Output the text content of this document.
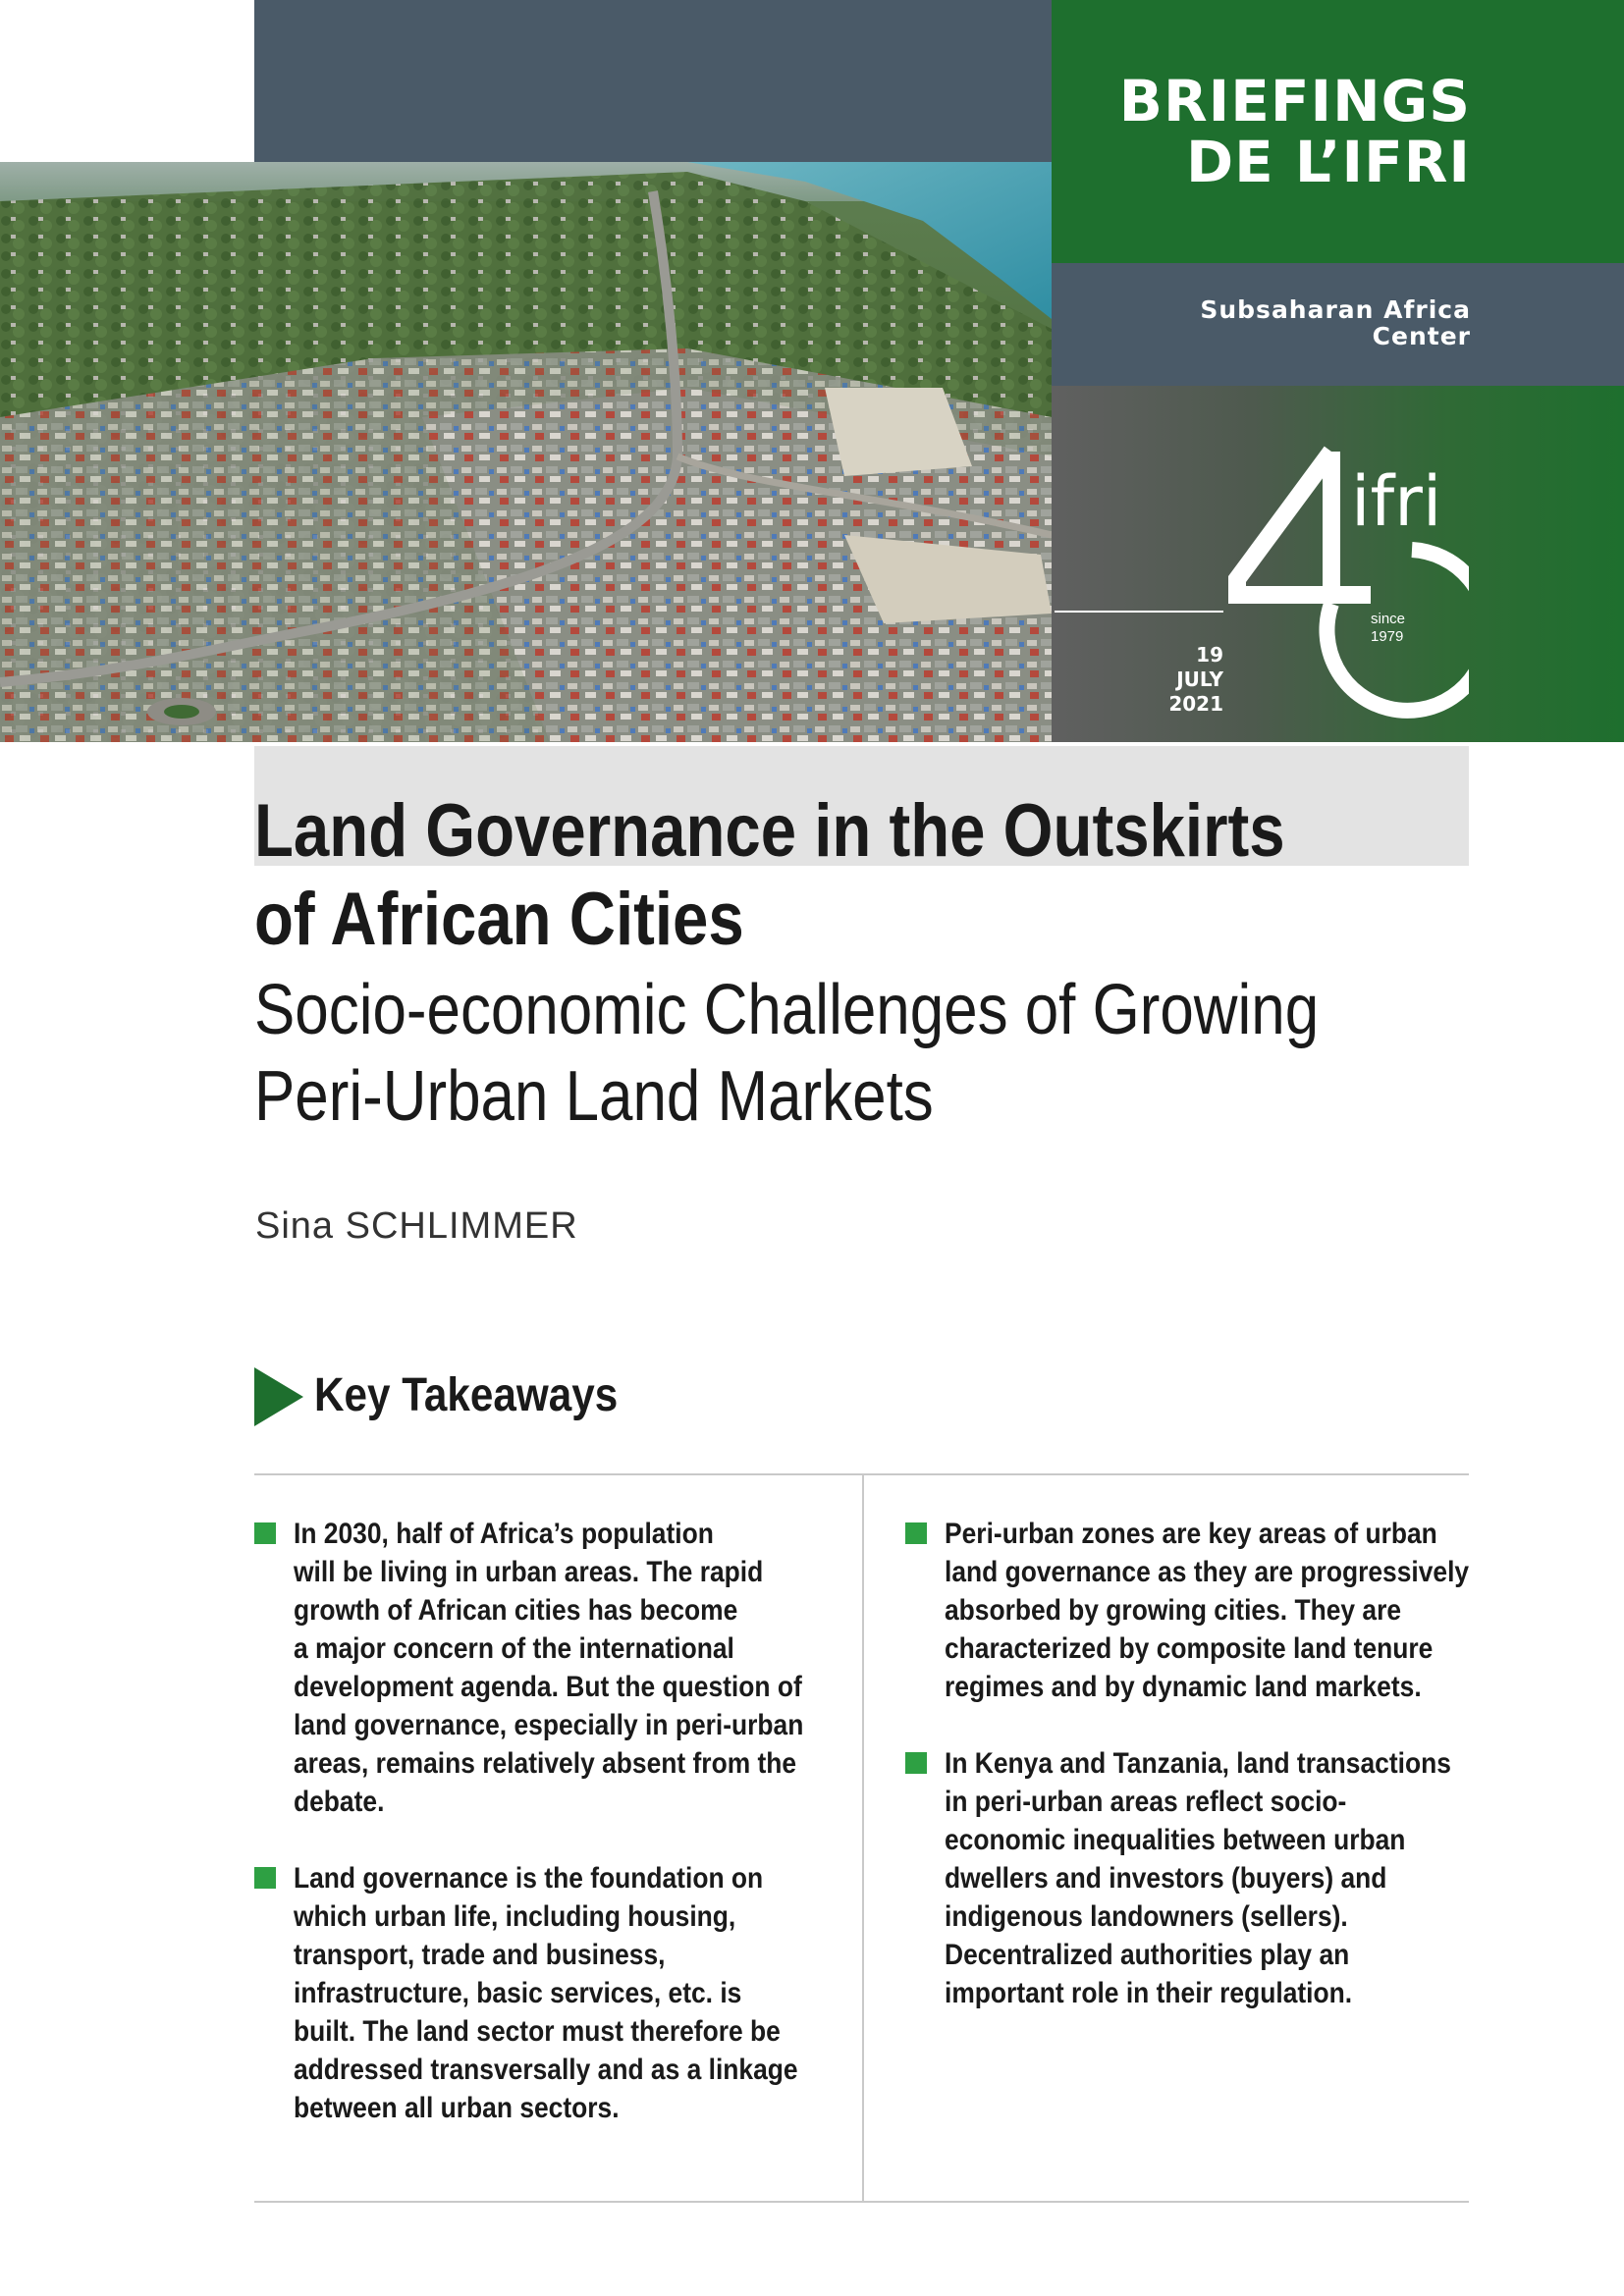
BRIEFINGS
DE L’IFRI
Subsaharan Africa
Center
19
JULY
2021
ifri
since
1979
Land Governance in the Outskirts
of African Cities
Socio-economic Challenges of Growing
Peri-Urban Land Markets
Sina SCHLIMMER
Key Takeaways
In 2030, half of Africa’s population
will be living in urban areas. The rapid
growth of African cities has become
a major concern of the international
development agenda. But the question of
land governance, especially in peri-urban
areas, remains relatively absent from the
debate.
Land governance is the foundation on
which urban life, including housing,
transport, trade and business,
infrastructure, basic services, etc. is
built. The land sector must therefore be
addressed transversally and as a linkage
between all urban sectors.
Peri-urban zones are key areas of urban
land governance as they are progressively
absorbed by growing cities. They are
characterized by composite land tenure
regimes and by dynamic land markets.
In Kenya and Tanzania, land transactions
in peri-urban areas reflect socio-
economic inequalities between urban
dwellers and investors (buyers) and
indigenous landowners (sellers).
Decentralized authorities play an
important role in their regulation.
